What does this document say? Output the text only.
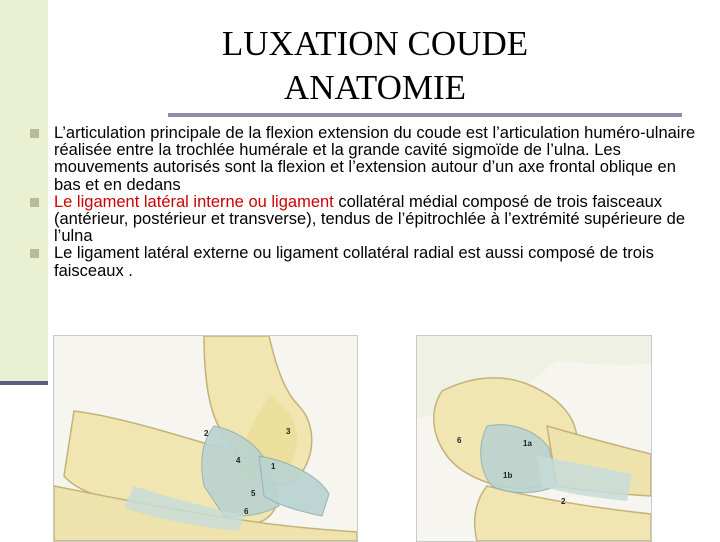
LUXATION COUDE
ANATOMIE
L’articulation principale de la flexion extension du coude est l’articulation huméro-ulnaire réalisée entre la trochlée humérale et la grande cavité sigmoïde de l’ulna. Les mouvements autorisés sont la flexion et l’extension autour d’un axe frontal oblique en bas et en dedans
Le ligament latéral interne ou ligament collatéral médial composé de trois faisceaux (antérieur, postérieur et transverse), tendus de l’épitrochlée à l’extrémité supérieure de l’ulna
Le ligament latéral externe ou ligament collatéral radial est aussi composé de trois faisceaux .
2	3
4
1
5
6
6	1a
1b
2
